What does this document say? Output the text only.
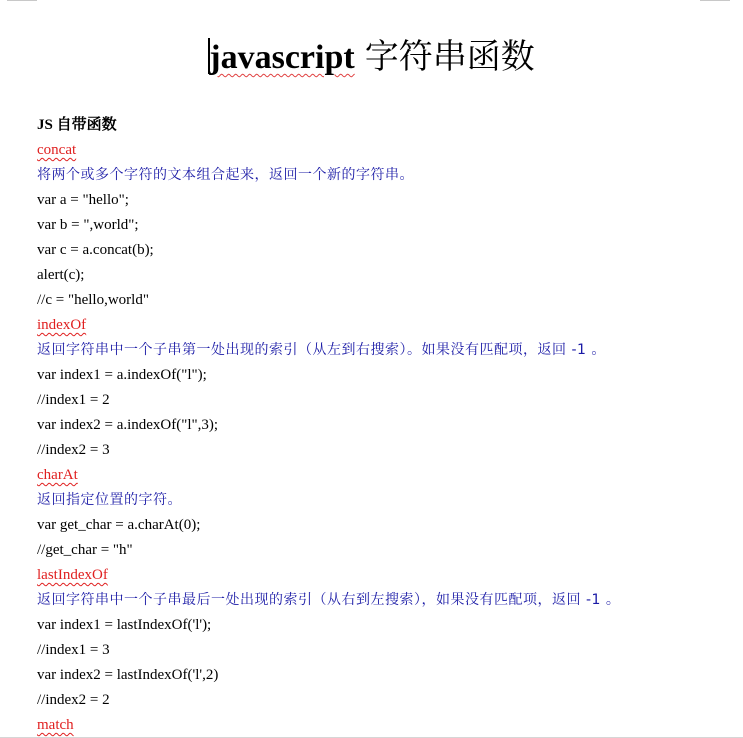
javascript 字符串函数
JS 自带函数
concat
将两个或多个字符的文本组合起来，返回一个新的字符串。
var a = "hello";
var b = ",world";
var c = a.concat(b);
alert(c);
//c = "hello,world"
indexOf
返回字符串中一个子串第一处出现的索引（从左到右搜索）。如果没有匹配项，返回 -1 。
var index1 = a.indexOf("l");
//index1 = 2
var index2 = a.indexOf("l",3);
//index2 = 3
charAt
返回指定位置的字符。
var get_char = a.charAt(0);
//get_char = "h"
lastIndexOf
返回字符串中一个子串最后一处出现的索引（从右到左搜索），如果没有匹配项，返回 -1 。
var index1 = lastIndexOf('l');
//index1 = 3
var index2 = lastIndexOf('l',2)
//index2 = 2
match
